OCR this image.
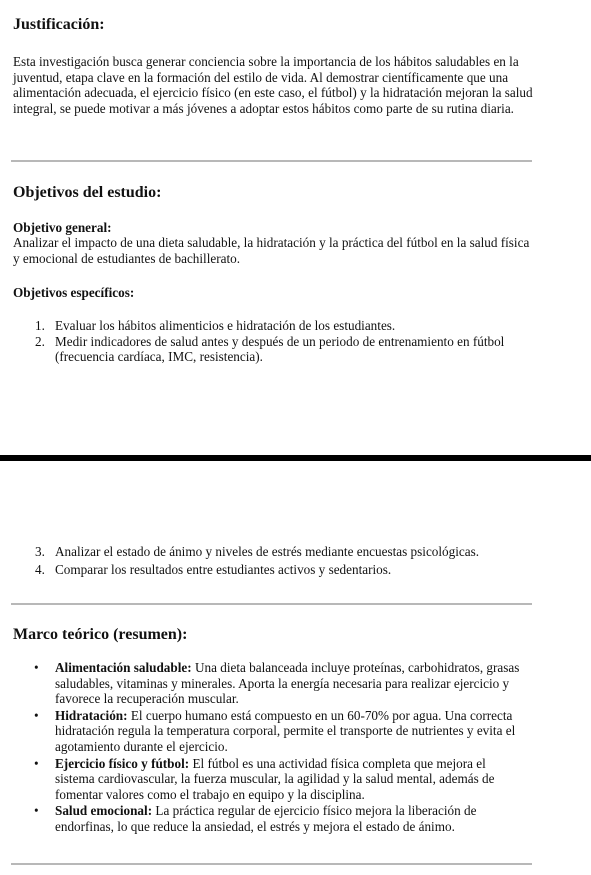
Justificación:
Esta investigación busca generar conciencia sobre la importancia de los hábitos saludables en la juventud, etapa clave en la formación del estilo de vida. Al demostrar científicamente que una alimentación adecuada, el ejercicio físico (en este caso, el fútbol) y la hidratación mejoran la salud integral, se puede motivar a más jóvenes a adoptar estos hábitos como parte de su rutina diaria.
Objetivos del estudio:
Objetivo general:
Analizar el impacto de una dieta saludable, la hidratación y la práctica del fútbol en la salud física y emocional de estudiantes de bachillerato.
Objetivos específicos:
1. Evaluar los hábitos alimenticios e hidratación de los estudiantes.
2. Medir indicadores de salud antes y después de un periodo de entrenamiento en fútbol (frecuencia cardíaca, IMC, resistencia).
3. Analizar el estado de ánimo y niveles de estrés mediante encuestas psicológicas.
4. Comparar los resultados entre estudiantes activos y sedentarios.
Marco teórico (resumen):
• Alimentación saludable: Una dieta balanceada incluye proteínas, carbohidratos, grasas saludables, vitaminas y minerales. Aporta la energía necesaria para realizar ejercicio y favorece la recuperación muscular.
• Hidratación: El cuerpo humano está compuesto en un 60-70% por agua. Una correcta hidratación regula la temperatura corporal, permite el transporte de nutrientes y evita el agotamiento durante el ejercicio.
• Ejercicio físico y fútbol: El fútbol es una actividad física completa que mejora el sistema cardiovascular, la fuerza muscular, la agilidad y la salud mental, además de fomentar valores como el trabajo en equipo y la disciplina.
• Salud emocional: La práctica regular de ejercicio físico mejora la liberación de endorfinas, lo que reduce la ansiedad, el estrés y mejora el estado de ánimo.
